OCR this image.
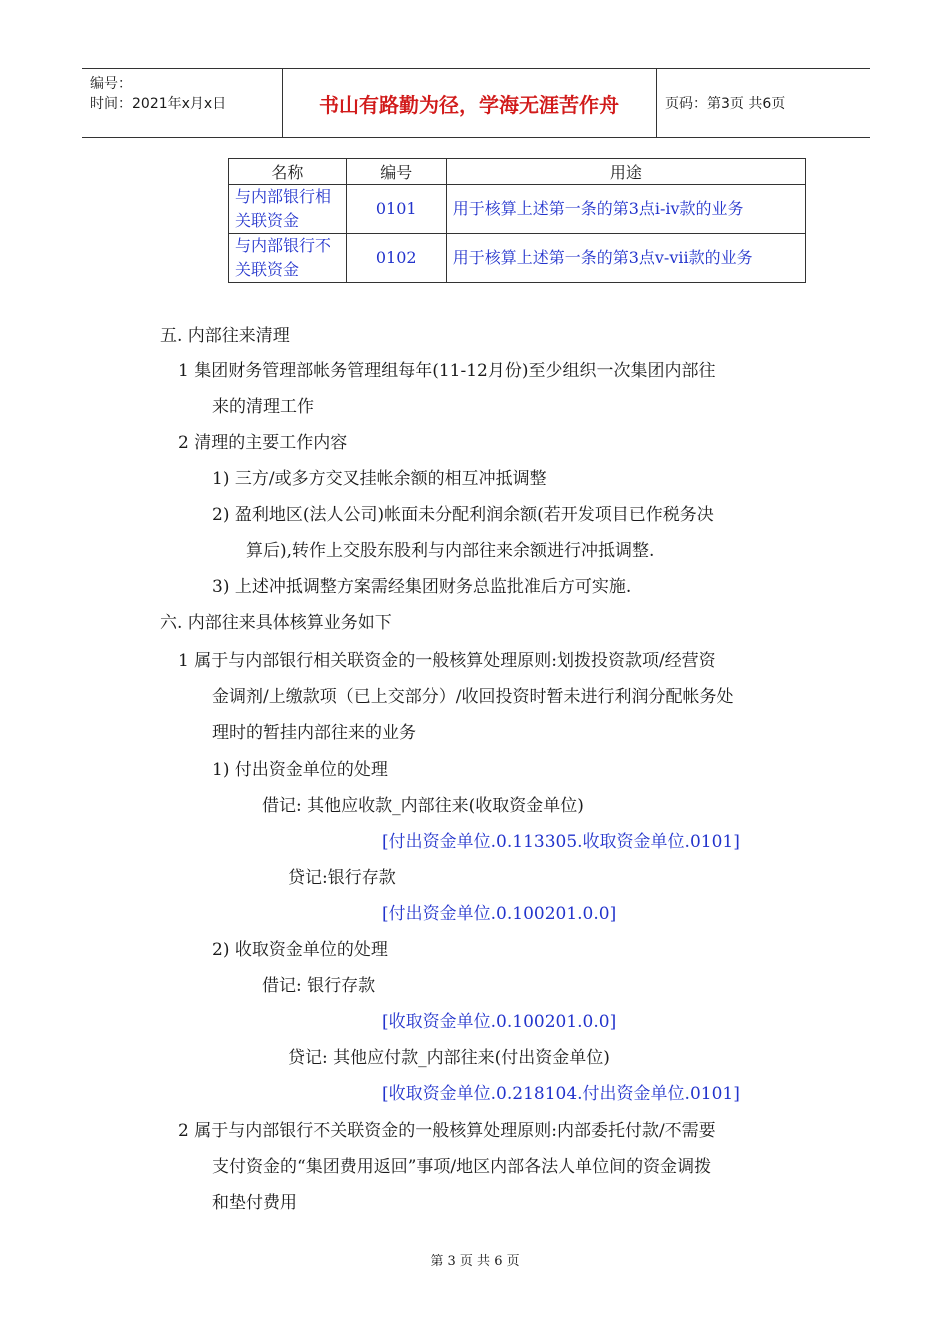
编号：
时间：2021年x月x日	书山有路勤为径，学海无涯苦作舟	页码：第3页 共6页
名称	编号	用途
与内部银行相关联资金	0101	用于核算上述第一条的第3点i-iv款的业务
与内部银行不关联资金	0102	用于核算上述第一条的第3点v-vii款的业务
五. 内部往来清理
1 集团财务管理部帐务管理组每年(11-12月份)至少组织一次集团内部往
来的清理工作
2 清理的主要工作内容
1) 三方/或多方交叉挂帐余额的相互冲抵调整
2) 盈利地区(法人公司)帐面未分配利润余额(若开发项目已作税务决
算后),转作上交股东股利与内部往来余额进行冲抵调整.
3) 上述冲抵调整方案需经集团财务总监批准后方可实施.
六. 内部往来具体核算业务如下
1 属于与内部银行相关联资金的一般核算处理原则:划拨投资款项/经营资
金调剂/上缴款项（已上交部分）/收回投资时暂未进行利润分配帐务处
理时的暂挂内部往来的业务
1) 付出资金单位的处理
借记: 其他应收款_内部往来(收取资金单位)
[付出资金单位.0.113305.收取资金单位.0101]
贷记:银行存款
[付出资金单位.0.100201.0.0]
2) 收取资金单位的处理
借记: 银行存款
[收取资金单位.0.100201.0.0]
贷记: 其他应付款_内部往来(付出资金单位)
[收取资金单位.0.218104.付出资金单位.0101]
2 属于与内部银行不关联资金的一般核算处理原则:内部委托付款/不需要
支付资金的“集团费用返回”事项/地区内部各法人单位间的资金调拨
和垫付费用
第 3 页 共 6 页
